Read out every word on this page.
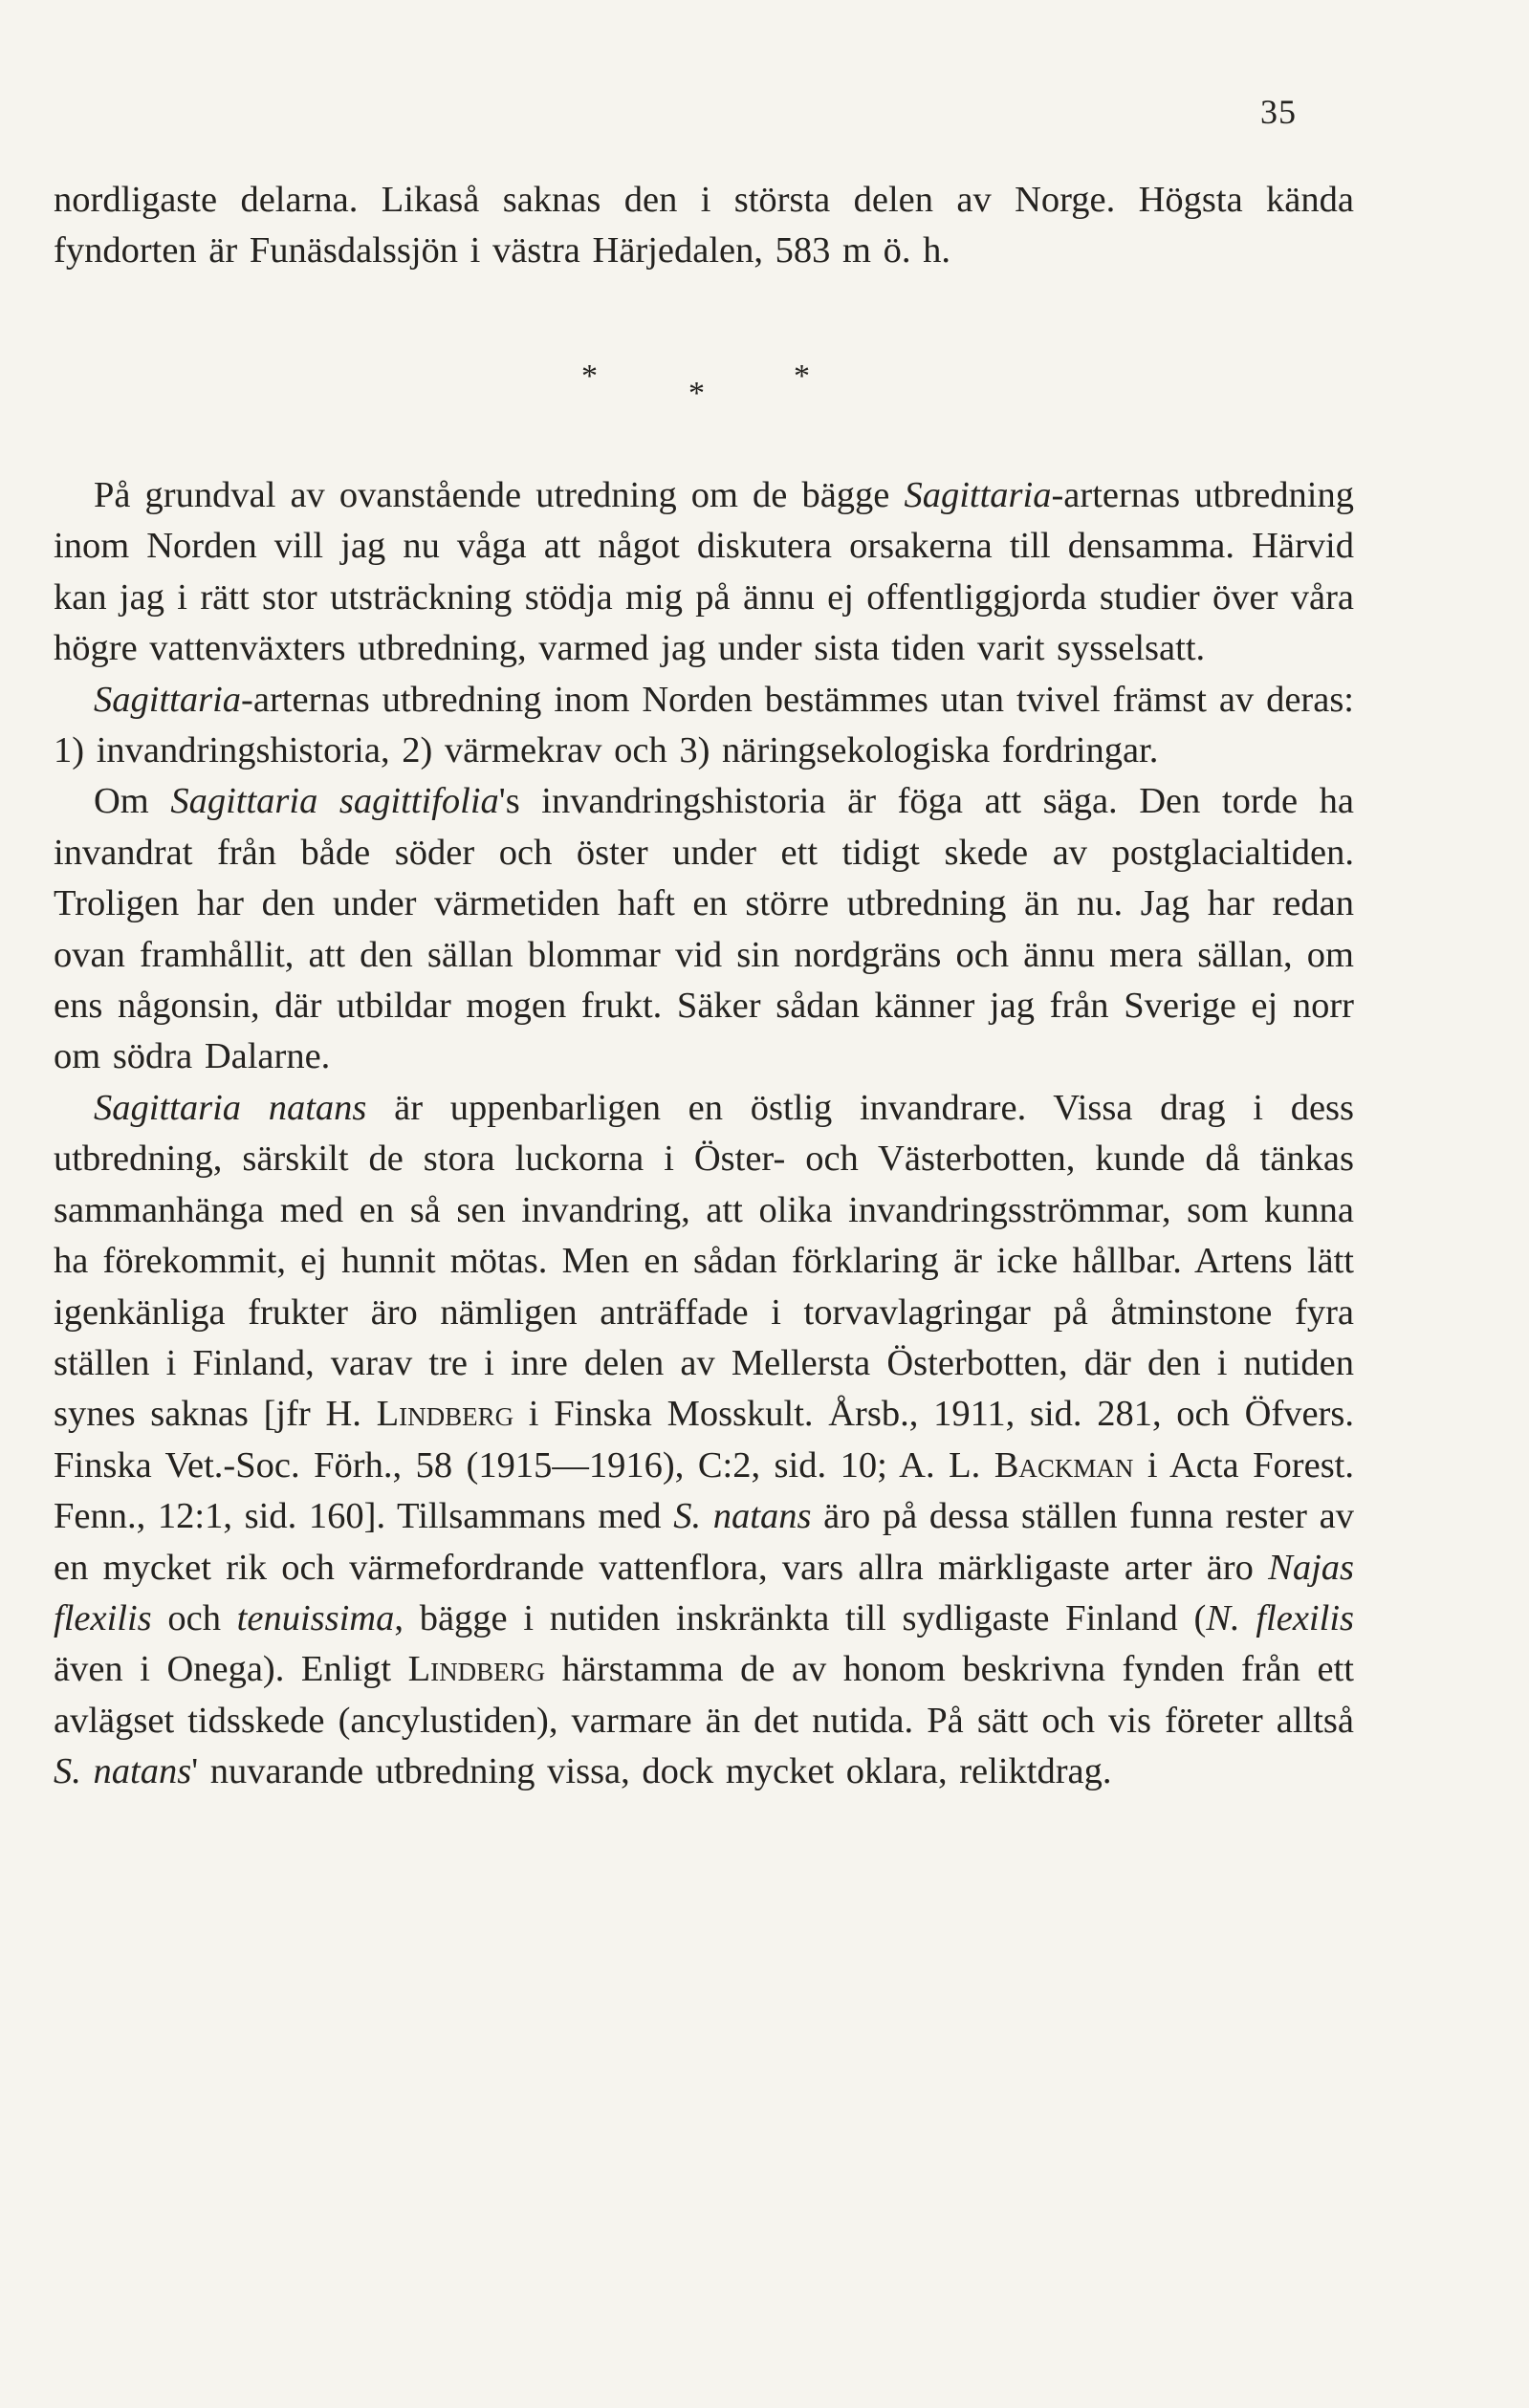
35

nordligaste delarna. Likaså saknas den i största delen av Norge. Högsta kända fyndorten är Funäsdalssjön i västra Härjedalen, 583 m ö. h.

*	*	*

På grundval av ovanstående utredning om de bägge Sagittaria-arternas utbredning inom Norden vill jag nu våga att något diskutera orsakerna till densamma. Härvid kan jag i rätt stor utsträckning stödja mig på ännu ej offentliggjorda studier över våra högre vattenväxters utbredning, varmed jag under sista tiden varit sysselsatt.

Sagittaria-arternas utbredning inom Norden bestämmes utan tvivel främst av deras: 1) invandringshistoria, 2) värmekrav och 3) näringsekologiska fordringar.

Om Sagittaria sagittifolia's invandringshistoria är föga att säga. Den torde ha invandrat från både söder och öster under ett tidigt skede av postglacialtiden. Troligen har den under värmetiden haft en större utbredning än nu. Jag har redan ovan framhållit, att den sällan blommar vid sin nordgräns och ännu mera sällan, om ens någonsin, där utbildar mogen frukt. Säker sådan känner jag från Sverige ej norr om södra Dalarne.

Sagittaria natans är uppenbarligen en östlig invandrare. Vissa drag i dess utbredning, särskilt de stora luckorna i Öster- och Västerbotten, kunde då tänkas sammanhänga med en så sen invandring, att olika invandringsströmmar, som kunna ha förekommit, ej hunnit mötas. Men en sådan förklaring är icke hållbar. Artens lätt igenkänliga frukter äro nämligen anträffade i torvavlagringar på åtminstone fyra ställen i Finland, varav tre i inre delen av Mellersta Österbotten, där den i nutiden synes saknas [jfr H. Lindberg i Finska Mosskult. Årsb., 1911, sid. 281, och Öfvers. Finska Vet.-Soc. Förh., 58 (1915—1916), C:2, sid. 10; A. L. Backman i Acta Forest. Fenn., 12:1, sid. 160]. Tillsammans med S. natans äro på dessa ställen funna rester av en mycket rik och värmefordrande vattenflora, vars allra märkligaste arter äro Najas flexilis och tenuissima, bägge i nutiden inskränkta till sydligaste Finland (N. flexilis även i Onega). Enligt Lindberg härstamma de av honom beskrivna fynden från ett avlägset tidsskede (ancylustiden), varmare än det nutida. På sätt och vis företer alltså S. natans' nuvarande utbredning vissa, dock mycket oklara, reliktdrag.
